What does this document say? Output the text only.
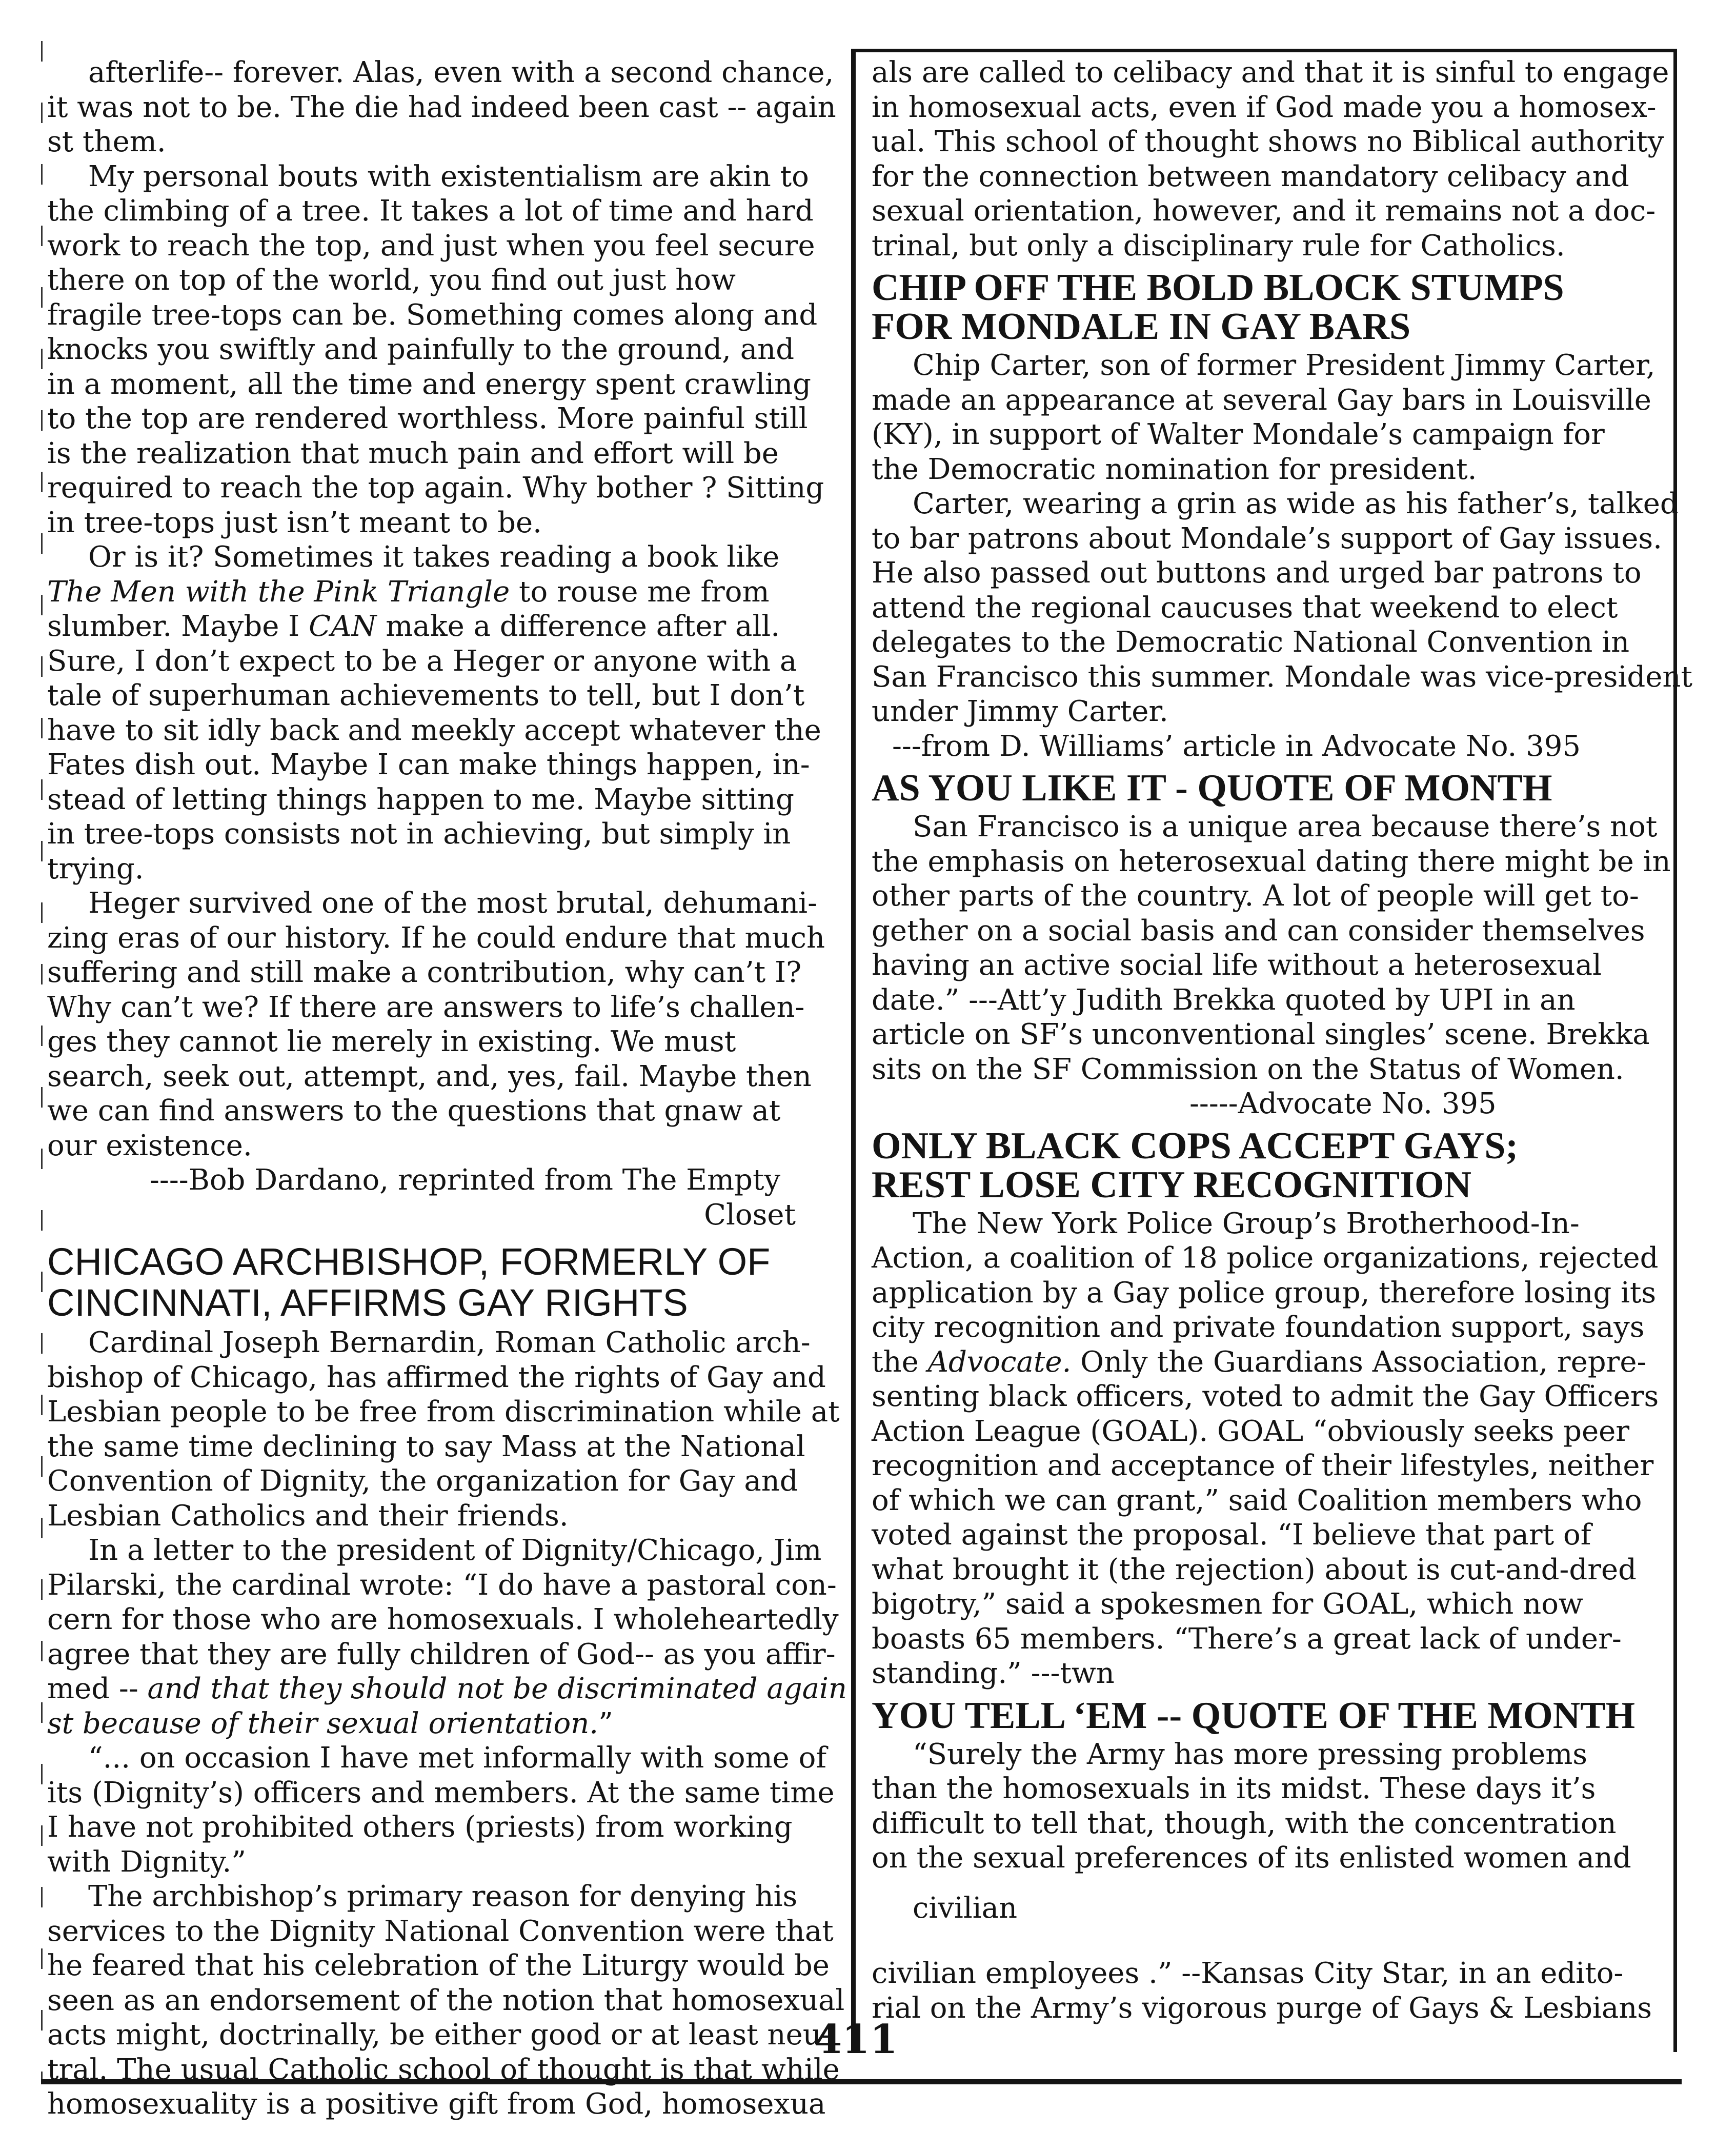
afterlife-- forever. Alas, even with a second chance,
it was not to be. The die had indeed been cast -- again
st them.
My personal bouts with existentialism are akin to
the climbing of a tree. It takes a lot of time and hard
work to reach the top, and just when you feel secure
there on top of the world, you find out just how
fragile tree-tops can be. Something comes along and
knocks you swiftly and painfully to the ground, and
in a moment, all the time and energy spent crawling
to the top are rendered worthless. More painful still
is the realization that much pain and effort will be
required to reach the top again. Why bother ? Sitting
in tree-tops just isn’t meant to be.
Or is it? Sometimes it takes reading a book like
The Men with the Pink Triangle to rouse me from
slumber. Maybe I CAN make a difference after all.
Sure, I don’t expect to be a Heger or anyone with a
tale of superhuman achievements to tell, but I don’t
have to sit idly back and meekly accept whatever the
Fates dish out. Maybe I can make things happen, in-
stead of letting things happen to me. Maybe sitting
in tree-tops consists not in achieving, but simply in
trying.
Heger survived one of the most brutal, dehumani-
zing eras of our history. If he could endure that much
suffering and still make a contribution, why can’t I?
Why can’t we? If there are answers to life’s challen-
ges they cannot lie merely in existing. We must
search, seek out, attempt, and, yes, fail. Maybe then
we can find answers to the questions that gnaw at
our existence.
----Bob Dardano, reprinted from The Empty
Closet
CHICAGO ARCHBISHOP, FORMERLY OF
CINCINNATI, AFFIRMS GAY RIGHTS
Cardinal Joseph Bernardin, Roman Catholic arch-
bishop of Chicago, has affirmed the rights of Gay and
Lesbian people to be free from discrimination while at
the same time declining to say Mass at the National
Convention of Dignity, the organization for Gay and
Lesbian Catholics and their friends.
In a letter to the president of Dignity/Chicago, Jim
Pilarski, the cardinal wrote: “I do have a pastoral con-
cern for those who are homosexuals. I wholeheartedly
agree that they are fully children of God-- as you affir-
med -- and that they should not be discriminated again
st because of their sexual orientation.”
“... on occasion I have met informally with some of
its (Dignity’s) officers and members. At the same time
I have not prohibited others (priests) from working
with Dignity.”
The archbishop’s primary reason for denying his
services to the Dignity National Convention were that
he feared that his celebration of the Liturgy would be
seen as an endorsement of the notion that homosexual
acts might, doctrinally, be either good or at least neu-
tral. The usual Catholic school of thought is that while
homosexuality is a positive gift from God, homosexua
als are called to celibacy and that it is sinful to engage
in homosexual acts, even if God made you a homosex-
ual. This school of thought shows no Biblical authority
for the connection between mandatory celibacy and
sexual orientation, however, and it remains not a doc-
trinal, but only a disciplinary rule for Catholics.
CHIP OFF THE BOLD BLOCK STUMPS
FOR MONDALE IN GAY BARS
Chip Carter, son of former President Jimmy Carter,
made an appearance at several Gay bars in Louisville
(KY), in support of Walter Mondale’s campaign for
the Democratic nomination for president.
Carter, wearing a grin as wide as his father’s, talked
to bar patrons about Mondale’s support of Gay issues.
He also passed out buttons and urged bar patrons to
attend the regional caucuses that weekend to elect
delegates to the Democratic National Convention in
San Francisco this summer. Mondale was vice-president
under Jimmy Carter.
---from D. Williams’ article in Advocate No. 395
AS YOU LIKE IT - QUOTE OF MONTH
San Francisco is a unique area because there’s not
the emphasis on heterosexual dating there might be in
other parts of the country. A lot of people will get to-
gether on a social basis and can consider themselves
having an active social life without a heterosexual
date.” ---Att’y Judith Brekka quoted by UPI in an
article on SF’s unconventional singles’ scene. Brekka
sits on the SF Commission on the Status of Women.
-----Advocate No. 395
ONLY BLACK COPS ACCEPT GAYS;
REST LOSE CITY RECOGNITION
The New York Police Group’s Brotherhood-In-
Action, a coalition of 18 police organizations, rejected
application by a Gay police group, therefore losing its
city recognition and private foundation support, says
the Advocate. Only the Guardians Association, repre-
senting black officers, voted to admit the Gay Officers
Action League (GOAL). GOAL “obviously seeks peer
recognition and acceptance of their lifestyles, neither
of which we can grant,” said Coalition members who
voted against the proposal. “I believe that part of
what brought it (the rejection) about is cut-and-dred
bigotry,” said a spokesmen for GOAL, which now
boasts 65 members. “There’s a great lack of under-
standing.” ---twn
YOU TELL ‘EM -- QUOTE OF THE MONTH
“Surely the Army has more pressing problems
than the homosexuals in its midst. These days it’s
difficult to tell that, though, with the concentration
on the sexual preferences of its enlisted women and
civilian
civilian employees .” --Kansas City Star, in an edito-
rial on the Army’s vigorous purge of Gays & Lesbians
411
